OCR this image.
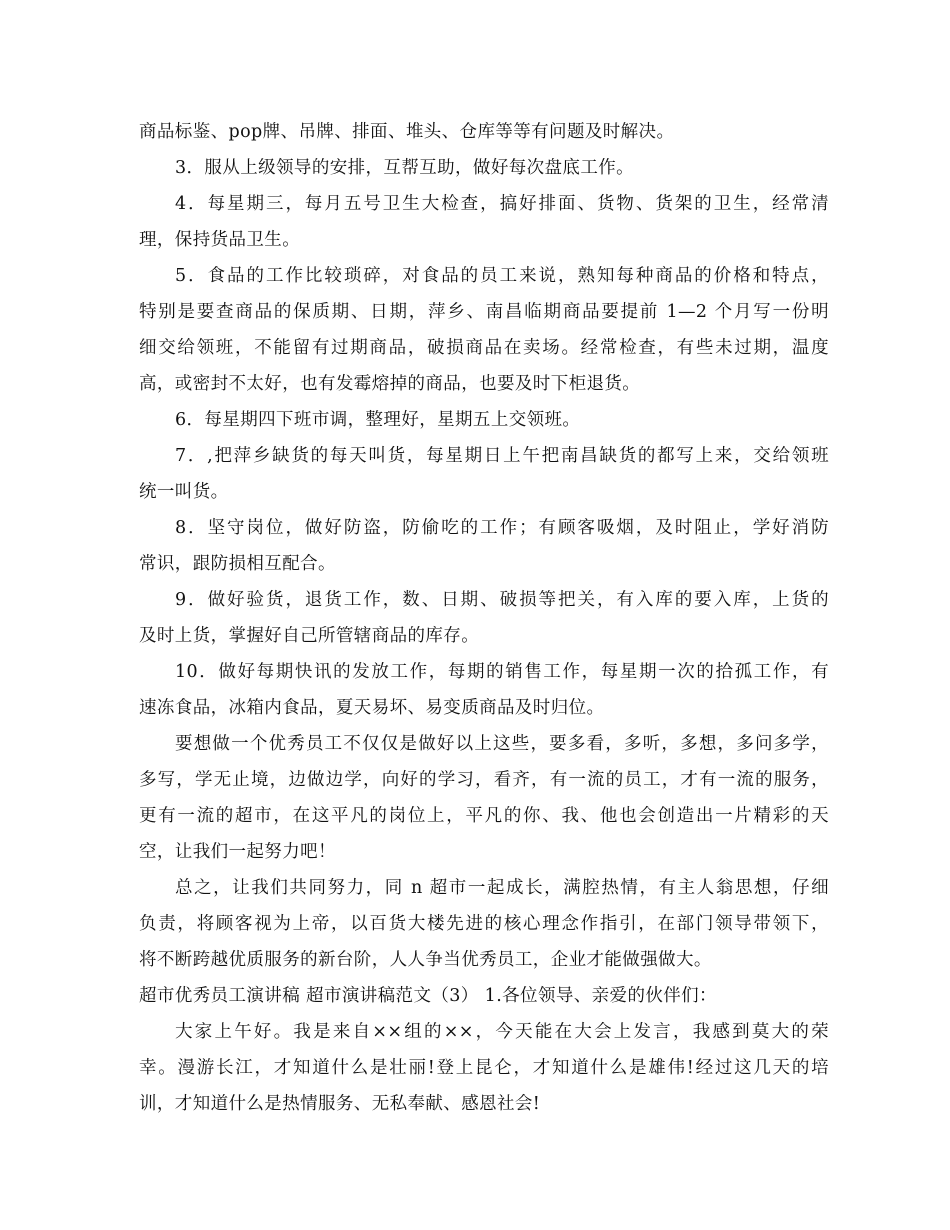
商品标鉴、pop牌、吊牌、排面、堆头、仓库等等有问题及时解决。
3．服从上级领导的安排，互帮互助，做好每次盘底工作。
4．每星期三，每月五号卫生大检查，搞好排面、货物、货架的卫生，经常清
理，保持货品卫生。
5．食品的工作比较琐碎，对食品的员工来说，熟知每种商品的价格和特点，
特别是要查商品的保质期、日期，萍乡、南昌临期商品要提前 1—2 个月写一份明
细交给领班，不能留有过期商品，破损商品在卖场。经常检查，有些未过期，温度
高，或密封不太好，也有发霉熔掉的商品，也要及时下柜退货。
6．每星期四下班市调，整理好，星期五上交领班。
7．,把萍乡缺货的每天叫货，每星期日上午把南昌缺货的都写上来，交给领班
统一叫货。
8．坚守岗位，做好防盗，防偷吃的工作；有顾客吸烟，及时阻止，学好消防
常识，跟防损相互配合。
9．做好验货，退货工作，数、日期、破损等把关，有入库的要入库，上货的
及时上货，掌握好自己所管辖商品的库存。
10．做好每期快讯的发放工作，每期的销售工作，每星期一次的拾孤工作，有
速冻食品，冰箱内食品，夏天易坏、易变质商品及时归位。
要想做一个优秀员工不仅仅是做好以上这些，要多看，多听，多想，多问多学，
多写，学无止境，边做边学，向好的学习，看齐，有一流的员工，才有一流的服务，
更有一流的超市，在这平凡的岗位上，平凡的你、我、他也会创造出一片精彩的天
空，让我们一起努力吧！
总之，让我们共同努力，同 n 超市一起成长，满腔热情，有主人翁思想，仔细
负责，将顾客视为上帝，以百货大楼先进的核心理念作指引，在部门领导带领下，
将不断跨越优质服务的新台阶，人人争当优秀员工，企业才能做强做大。
超市优秀员工演讲稿 超市演讲稿范文（3） 1.各位领导、亲爱的伙伴们：
大家上午好。我是来自××组的××，今天能在大会上发言，我感到莫大的荣
幸。漫游长江，才知道什么是壮丽!登上昆仑，才知道什么是雄伟!经过这几天的培
训，才知道什么是热情服务、无私奉献、感恩社会!
